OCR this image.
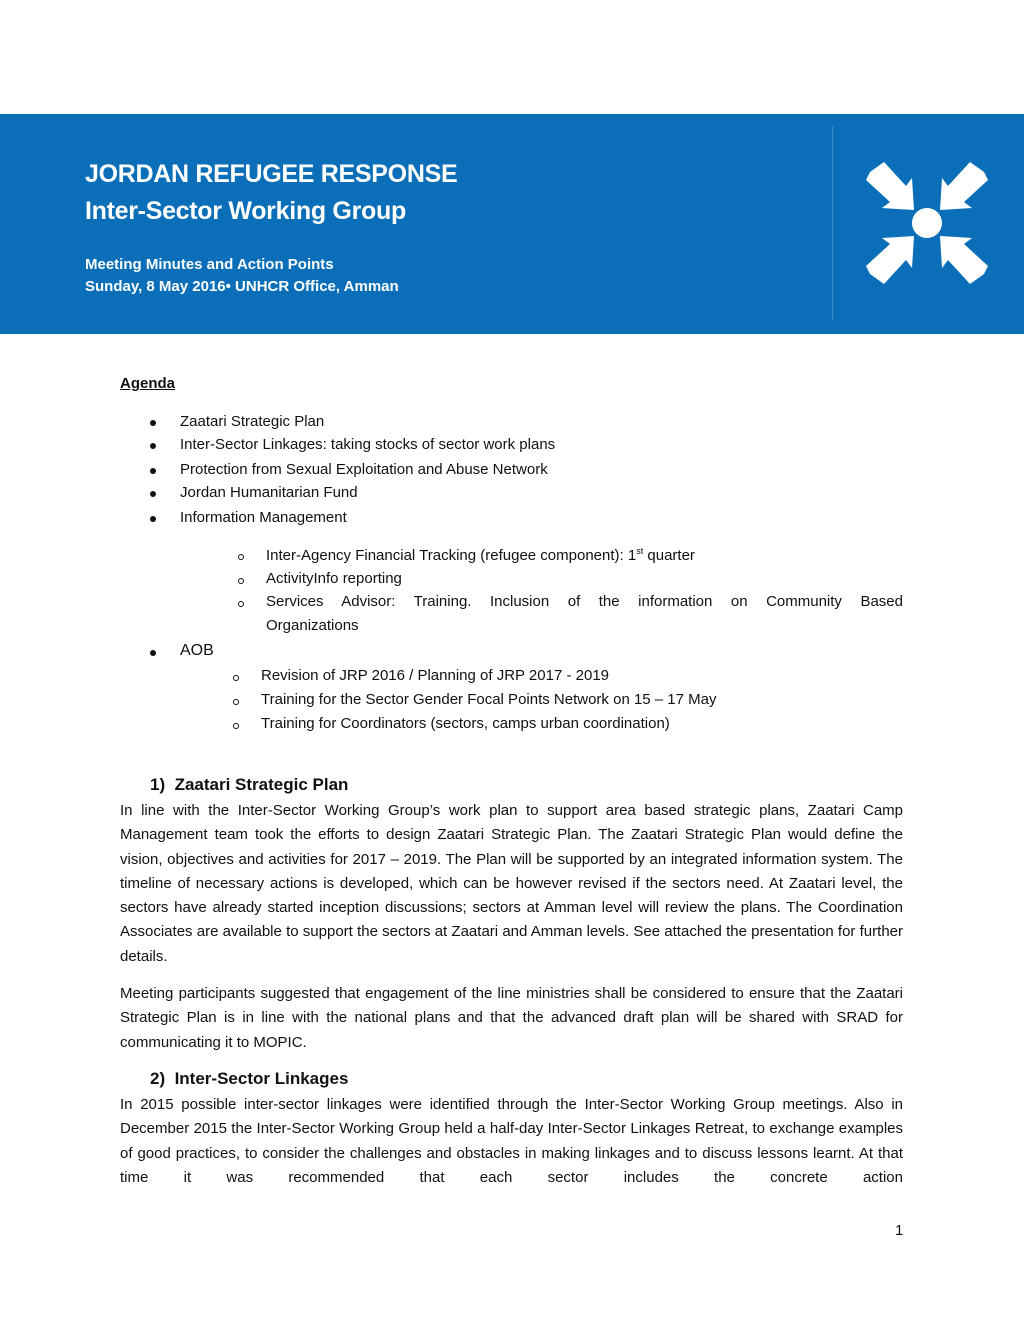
JORDAN REFUGEE RESPONSE
Inter-Sector Working Group

Meeting Minutes and Action Points

Sunday, 8 May 2016• UNHCR Office, Amman

Agenda

Zaatari Strategic Plan
Inter-Sector Linkages: taking stocks of sector work plans
Protection from Sexual Exploitation and Abuse Network
Jordan Humanitarian Fund
Information Management
Inter-Agency Financial Tracking (refugee component): 1st quarter
ActivityInfo reporting
Services Advisor: Training. Inclusion of the information on Community Based
Organizations
AOB
Revision of JRP 2016 / Planning of JRP 2017 - 2019
Training for the Sector Gender Focal Points Network on 15 – 17 May
Training for Coordinators (sectors, camps urban coordination)
1) Zaatari Strategic Plan

In line with the Inter-Sector Working Group’s work plan to support area based strategic plans, Zaatari Camp Management team took the efforts to design Zaatari Strategic Plan. The Zaatari Strategic Plan would define the vision, objectives and activities for 2017 – 2019. The Plan will be supported by an integrated information system. The timeline of necessary actions is developed, which can be however revised if the sectors need. At Zaatari level, the sectors have already started inception discussions; sectors at Amman level will review the plans. The Coordination Associates are available to support the sectors at Zaatari and Amman levels. See attached the presentation for further details.

Meeting participants suggested that engagement of the line ministries shall be considered to ensure that the Zaatari Strategic Plan is in line with the national plans and that the advanced draft plan will be shared with SRAD for communicating it to MOPIC.

2) Inter-Sector Linkages

In 2015 possible inter-sector linkages were identified through the Inter-Sector Working Group meetings. Also in December 2015 the Inter-Sector Working Group held a half-day Inter-Sector Linkages Retreat, to exchange examples of good practices, to consider the challenges and obstacles in making linkages and to discuss lessons learnt. At that time it was recommended that each sector includes the concrete action

1
